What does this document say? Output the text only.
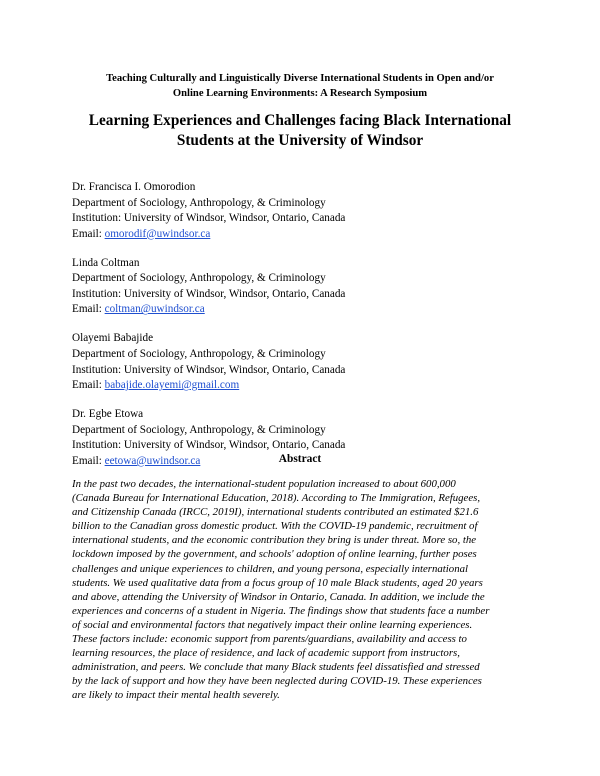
Teaching Culturally and Linguistically Diverse International Students in Open and/or
Online Learning Environments: A Research Symposium
Learning Experiences and Challenges facing Black International
Students at the University of Windsor
Dr. Francisca I. Omorodion
Department of Sociology, Anthropology, & Criminology
Institution: University of Windsor, Windsor, Ontario, Canada
Email: omorodif@uwindsor.ca
Linda Coltman
Department of Sociology, Anthropology, & Criminology
Institution: University of Windsor, Windsor, Ontario, Canada
Email: coltman@uwindsor.ca
Olayemi Babajide
Department of Sociology, Anthropology, & Criminology
Institution: University of Windsor, Windsor, Ontario, Canada
Email: babajide.olayemi@gmail.com
Dr. Egbe Etowa
Department of Sociology, Anthropology, & Criminology
Institution: University of Windsor, Windsor, Ontario, Canada
Email: eetowa@uwindsor.ca	Abstract
In the past two decades, the international-student population increased to about 600,000
(Canada Bureau for International Education, 2018). According to The Immigration, Refugees,
and Citizenship Canada (IRCC, 2019I), international students contributed an estimated $21.6
billion to the Canadian gross domestic product. With the COVID-19 pandemic, recruitment of
international students, and the economic contribution they bring is under threat. More so, the
lockdown imposed by the government, and schools' adoption of online learning, further poses
challenges and unique experiences to children, and young persona, especially international
students. We used qualitative data from a focus group of 10 male Black students, aged 20 years
and above, attending the University of Windsor in Ontario, Canada. In addition, we include the
experiences and concerns of a student in Nigeria. The findings show that students face a number
of social and environmental factors that negatively impact their online learning experiences.
These factors include: economic support from parents/guardians, availability and access to
learning resources, the place of residence, and lack of academic support from instructors,
administration, and peers. We conclude that many Black students feel dissatisfied and stressed
by the lack of support and how they have been neglected during COVID-19. These experiences
are likely to impact their mental health severely.
